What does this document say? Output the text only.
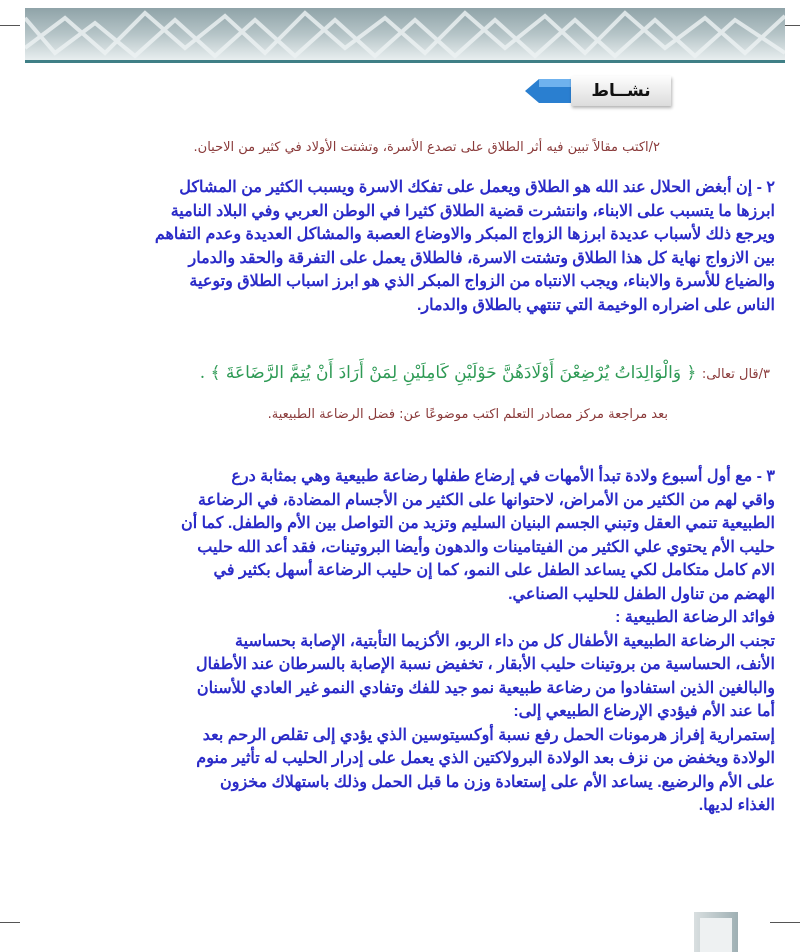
نشــاط
٢/اكتب مقالاً تبين فيه أثر الطلاق على تصدع الأسرة، وتشتت الأولاد في كثير من الاحيان.
٢ - إن أبغض الحلال عند الله هو الطلاق ويعمل على تفكك الاسرة ويسبب الكثير من المشاكل
ابرزها ما يتسبب على الابناء، وانتشرت قضية الطلاق كثيرا في الوطن العربي وفي البلاد النامية
ويرجع ذلك لأسباب عديدة ابرزها الزواج المبكر والاوضاع العصبة والمشاكل العديدة وعدم التفاهم
بين الازواج نهاية كل هذا الطلاق وتشتت الاسرة، فالطلاق يعمل على التفرقة والحقد والدمار
والضياع للأسرة والابناء، ويجب الانتباه من الزواج المبكر الذي هو ابرز اسباب الطلاق وتوعية
الناس على اضراره الوخيمة التي تنتهي بالطلاق والدمار.
٣/قال تعالى: ﴿ وَالْوَالِدَاتُ يُرْضِعْنَ أَوْلَادَهُنَّ حَوْلَيْنِ كَامِلَيْنِ لِمَنْ أَرَادَ أَنْ يُتِمَّ الرَّضَاعَةَ ﴾ .
بعد مراجعة مركز مصادر التعلم اكتب موضوعًا عن: فضل الرضاعة الطبيعية.
٣ - مع أول أسبوع ولادة تبدأ الأمهات في إرضاع طفلها رضاعة طبيعية وهي بمثابة درع
واقي لهم من الكثير من الأمراض، لاحتوانها على الكثير من الأجسام المضادة، في الرضاعة
الطبيعية تنمي العقل وتبني الجسم البنيان السليم وتزيد من التواصل بين الأم والطفل. كما أن
حليب الأم يحتوي علي الكثير من الفيتامينات والدهون وأيضا البروتينات، فقد أعد الله حليب
الام كامل متكامل لكي يساعد الطفل على النمو، كما إن حليب الرضاعة أسهل بكثير في
الهضم من تناول الطفل للحليب الصناعي.
فوائد الرضاعة الطبيعية :
تجنب الرضاعة الطبيعية الأطفال كل من داء الربو، الأكزيما التأبتية، الإصابة بحساسية
الأنف، الحساسية من بروتينات حليب الأبقار ، تخفيض نسبة الإصابة بالسرطان عند الأطفال
والبالغين الذين استفادوا من رضاعة طبيعية نمو جيد للفك وتفادي النمو غير العادي للأسنان
أما عند الأم فيؤدي الإرضاع الطبيعي إلى:
إستمرارية إفراز هرمونات الحمل رفع نسبة أوكسيتوسين الذي يؤدي إلى تقلص الرحم بعد
الولادة ويخفض من نزف بعد الولادة البرولاكتين الذي يعمل على إدرار الحليب له تأثير منوم
على الأم والرضيع. يساعد الأم على إستعادة وزن ما قبل الحمل وذلك باستهلاك مخزون
الغذاء لديها.
